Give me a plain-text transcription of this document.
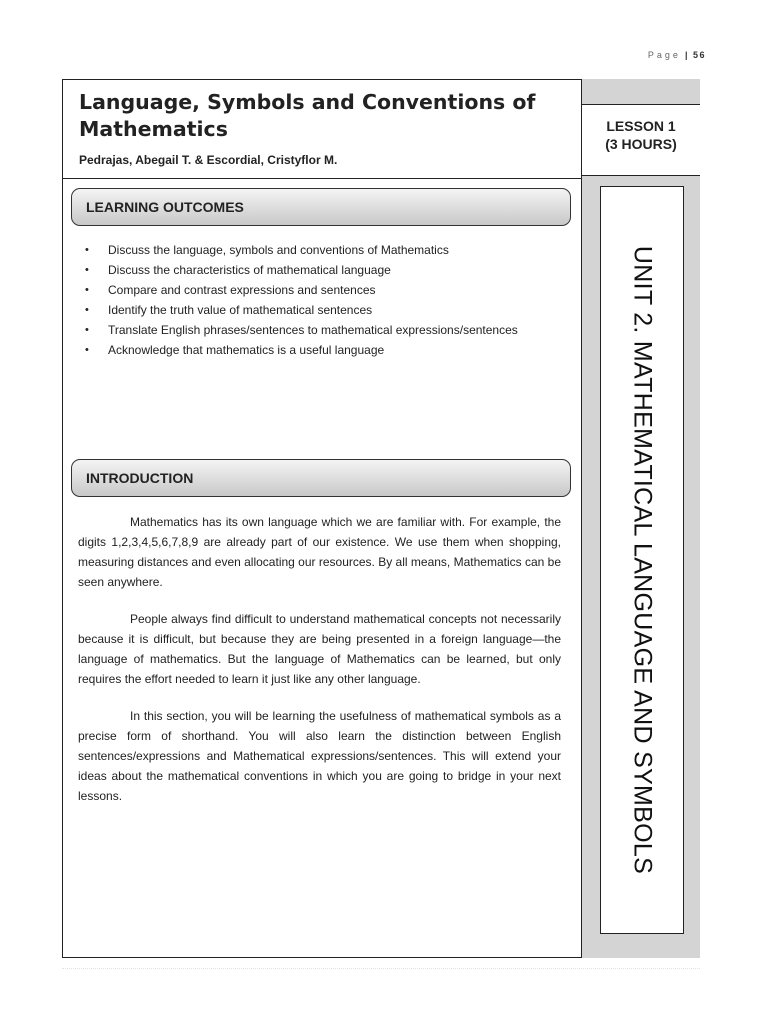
Page | 56
Language, Symbols and Conventions of Mathematics
Pedrajas, Abegail T. & Escordial, Cristyflor M.
LEARNING OUTCOMES
• Discuss the language, symbols and conventions of Mathematics
• Discuss the characteristics of mathematical language
• Compare and contrast expressions and sentences
• Identify the truth value of mathematical sentences
• Translate English phrases/sentences to mathematical expressions/sentences
• Acknowledge that mathematics is a useful language
INTRODUCTION

Mathematics has its own language which we are familiar with. For example, the digits 1,2,3,4,5,6,7,8,9 are already part of our existence. We use them when shopping, measuring distances and even allocating our resources. By all means, Mathematics can be seen anywhere.

People always find difficult to understand mathematical concepts not necessarily because it is difficult, but because they are being presented in a foreign language—the language of mathematics. But the language of Mathematics can be learned, but only requires the effort needed to learn it just like any other language.

In this section, you will be learning the usefulness of mathematical symbols as a precise form of shorthand. You will also learn the distinction between English sentences/expressions and Mathematical expressions/sentences. This will extend your ideas about the mathematical conventions in which you are going to bridge in your next lessons.

LESSON 1
(3 HOURS)
UNIT 2. MATHEMATICAL LANGUAGE AND SYMBOLS
